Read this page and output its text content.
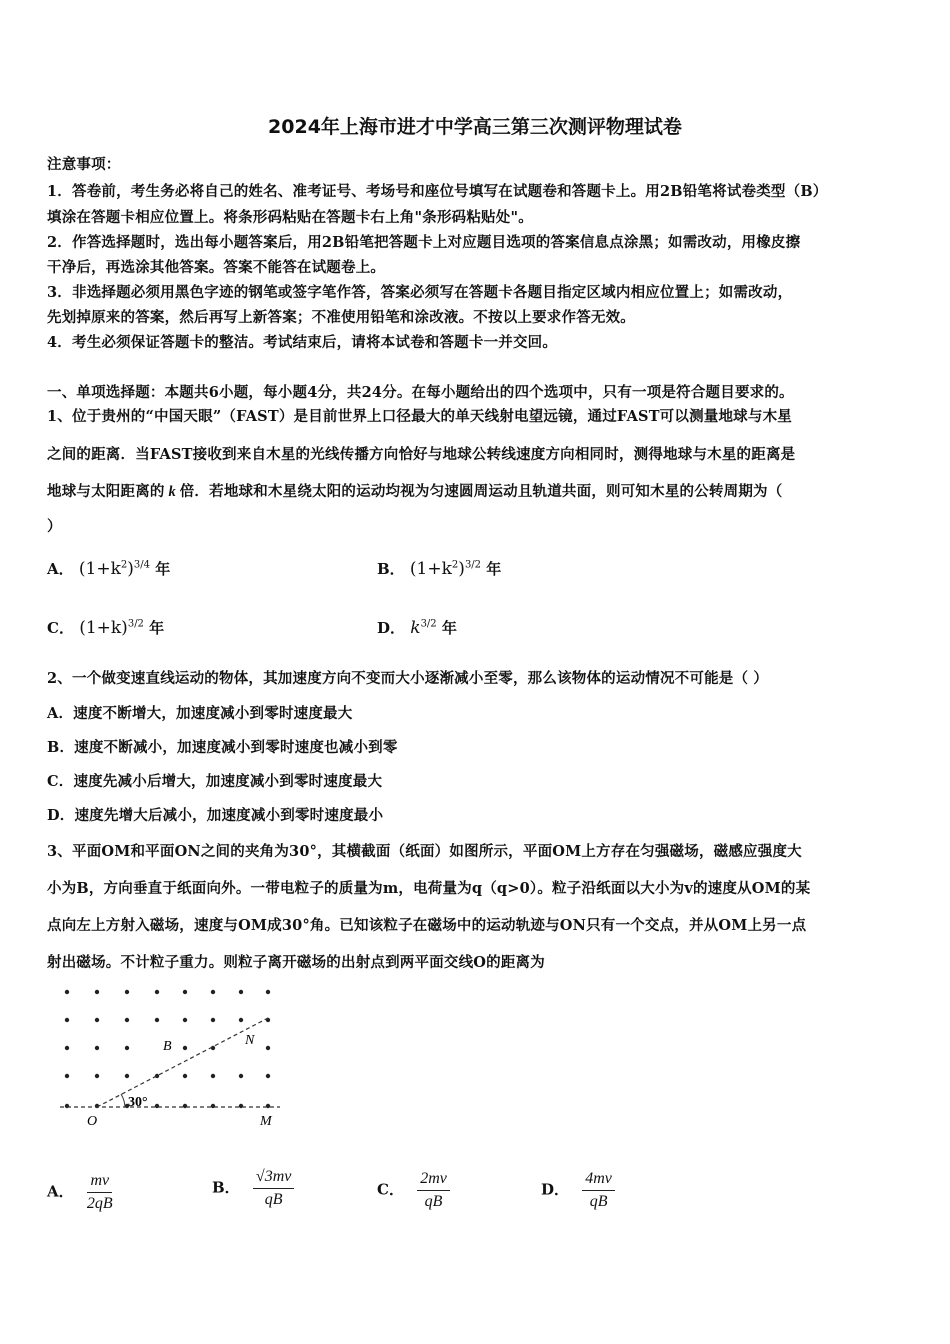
2024年上海市进才中学高三第三次测评物理试卷
注意事项：
1．答卷前，考生务必将自己的姓名、准考证号、考场号和座位号填写在试题卷和答题卡上。用2B铅笔将试卷类型（B）
填涂在答题卡相应位置上。将条形码粘贴在答题卡右上角"条形码粘贴处"。
2．作答选择题时，选出每小题答案后，用2B铅笔把答题卡上对应题目选项的答案信息点涂黑；如需改动，用橡皮擦
干净后，再选涂其他答案。答案不能答在试题卷上。
3．非选择题必须用黑色字迹的钢笔或签字笔作答，答案必须写在答题卡各题目指定区域内相应位置上；如需改动，
先划掉原来的答案，然后再写上新答案；不准使用铅笔和涂改液。不按以上要求作答无效。
4．考生必须保证答题卡的整洁。考试结束后，请将本试卷和答题卡一并交回。
一、单项选择题：本题共6小题，每小题4分，共24分。在每小题给出的四个选项中，只有一项是符合题目要求的。
1、位于贵州的“中国天眼”（FAST）是目前世界上口径最大的单天线射电望远镜，通过FAST可以测量地球与木星
之间的距离．当FAST接收到来自木星的光线传播方向恰好与地球公转线速度方向相同时，测得地球与木星的距离是
地球与太阳距离的 k 倍．若地球和木星绕太阳的运动均视为匀速圆周运动且轨道共面，则可知木星的公转周期为（
）
A． $(1+k^2)^{3/4}$ 年	B． $(1+k^2)^{3/2}$ 年
C． $(1+k)^{3/2}$ 年	D． $k^{3/2}$ 年
2、一个做变速直线运动的物体，其加速度方向不变而大小逐渐减小至零，那么该物体的运动情况不可能是（ ）
A．速度不断增大，加速度减小到零时速度最大
B．速度不断减小，加速度减小到零时速度也减小到零
C．速度先减小后增大，加速度减小到零时速度最大
D．速度先增大后减小，加速度减小到零时速度最小
3、平面OM和平面ON之间的夹角为30°，其横截面（纸面）如图所示，平面OM上方存在匀强磁场，磁感应强度大
小为B，方向垂直于纸面向外。一带电粒子的质量为m，电荷量为q（q>0）。粒子沿纸面以大小为v的速度从OM的某
点向左上方射入磁场，速度与OM成30°角。已知该粒子在磁场中的运动轨迹与ON只有一个交点，并从OM上另一点
射出磁场。不计粒子重力。则粒子离开磁场的出射点到两平面交线O的距离为
B	N
O	M
30°
A． $\frac{mv}{2qB}$	B． $\frac{√3mv}{qB}$	C． $\frac{2mv}{qB}$	D． $\frac{4mv}{qB}$
